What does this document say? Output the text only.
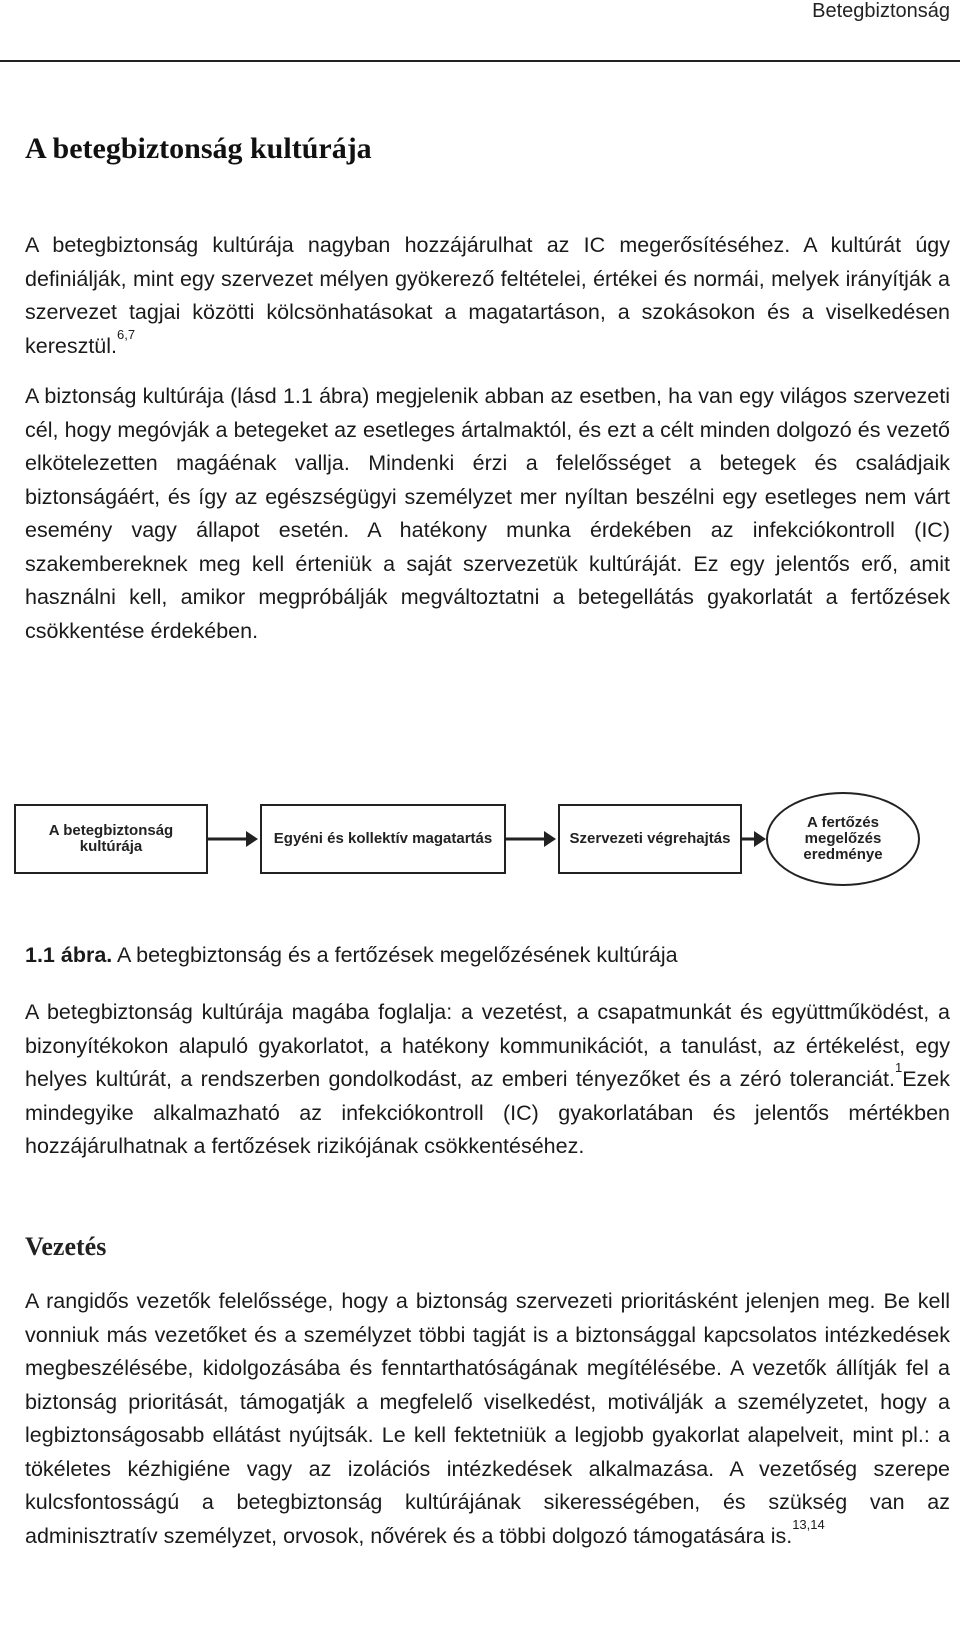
Betegbiztonság
A betegbiztonság kultúrája

A betegbiztonság kultúrája nagyban hozzájárulhat az IC megerősítéséhez. A kultúrát úgy definiálják, mint egy szervezet mélyen gyökerező feltételei, értékei és normái, melyek irányítják a szervezet tagjai közötti kölcsönhatásokat a magatartáson, a szokásokon és a viselkedésen keresztül.$^{6,7}$

A biztonság kultúrája (lásd 1.1 ábra) megjelenik abban az esetben, ha van egy világos szervezeti cél, hogy megóvják a betegeket az esetleges ártalmaktól, és ezt a célt minden dolgozó és vezető elkötelezetten magáénak vallja. Mindenki érzi a felelősséget a betegek és családjaik biztonságáért, és így az egészségügyi személyzet mer nyíltan beszélni egy esetleges nem várt esemény vagy állapot esetén. A hatékony munka érdekében az infekciókontroll (IC) szakembereknek meg kell érteniük a saját szervezetük kultúráját. Ez egy jelentős erő, amit használni kell, amikor megpróbálják megváltoztatni a betegellátás gyakorlatát a fertőzések csökkentése érdekében.

A betegbiztonság kultúrája	Egyéni és kollektív magatartás	Szervezeti végrehajtás
A fertőzés megelőzés eredménye

1.1 ábra. A betegbiztonság és a fertőzések megelőzésének kultúrája

A betegbiztonság kultúrája magába foglalja: a vezetést, a csapatmunkát és együttműködést, a bizonyítékokon alapuló gyakorlatot, a hatékony kommunikációt, a tanulást, az értékelést, egy helyes kultúrát, a rendszerben gondolkodást, az emberi tényezőket és a zéró toleranciát.$^1$Ezek mindegyike alkalmazható az infekciókontroll (IC) gyakorlatában és jelentős mértékben hozzájárulhatnak a fertőzések rizikójának csökkentéséhez.

Vezetés

A rangidős vezetők felelőssége, hogy a biztonság szervezeti prioritásként jelenjen meg. Be kell vonniuk más vezetőket és a személyzet többi tagját is a biztonsággal kapcsolatos intézkedések megbeszélésébe, kidolgozásába és fenntarthatóságának megítélésébe. A vezetők állítják fel a biztonság prioritását, támogatják a megfelelő viselkedést, motiválják a személyzetet, hogy a legbiztonságosabb ellátást nyújtsák. Le kell fektetniük a legjobb gyakorlat alapelveit, mint pl.: a tökéletes kézhigiéne vagy az izolációs intézkedések alkalmazása. A vezetőség szerepe kulcsfontosságú a betegbiztonság kultúrájának sikerességében, és szükség van az adminisztratív személyzet, orvosok, nővérek és a többi dolgozó támogatására is.$^{13,14}$
